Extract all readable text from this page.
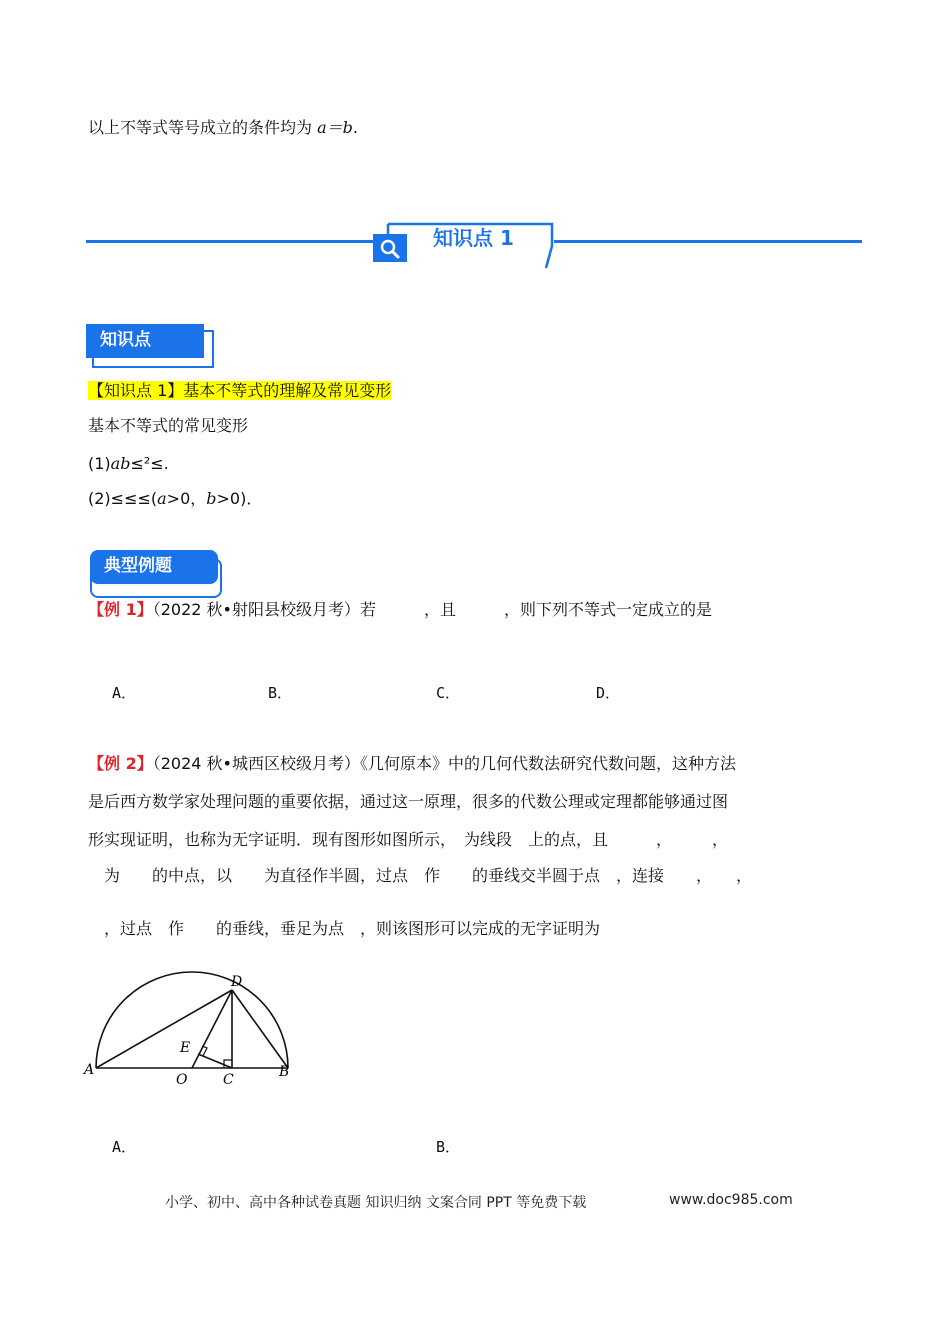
以上不等式等号成立的条件均为 a＝b.
知识点 1
知识点
【知识点 1】基本不等式的理解及常见变形
基本不等式的常见变形
(1)ab≤²≤.
(2)≤≤≤(a>0，b>0)．
典型例题
【例 1】（2022 秋•射阳县校级月考）若　　　，且　　　，则下列不等式一定成立的是
A．	B．	C．	D．
【例 2】（2024 秋•城西区校级月考）《几何原本》中的几何代数法研究代数问题，这种方法
是后西方数学家处理问题的重要依据，通过这一原理，很多的代数公理或定理都能够通过图
形实现证明，也称为无字证明．现有图形如图所示，　为线段　上的点，且　　　，　　　，
　为　　的中点，以　　为直径作半圆，过点　作　　的垂线交半圆于点　，连接　　，　　，
　，过点　作　　的垂线，垂足为点　，则该图形可以完成的无字证明为
D
E
A
O	C	B
A．	B．
小学、初中、高中各种试卷真题 知识归纳 文案合同 PPT 等免费下载	www.doc985.com
